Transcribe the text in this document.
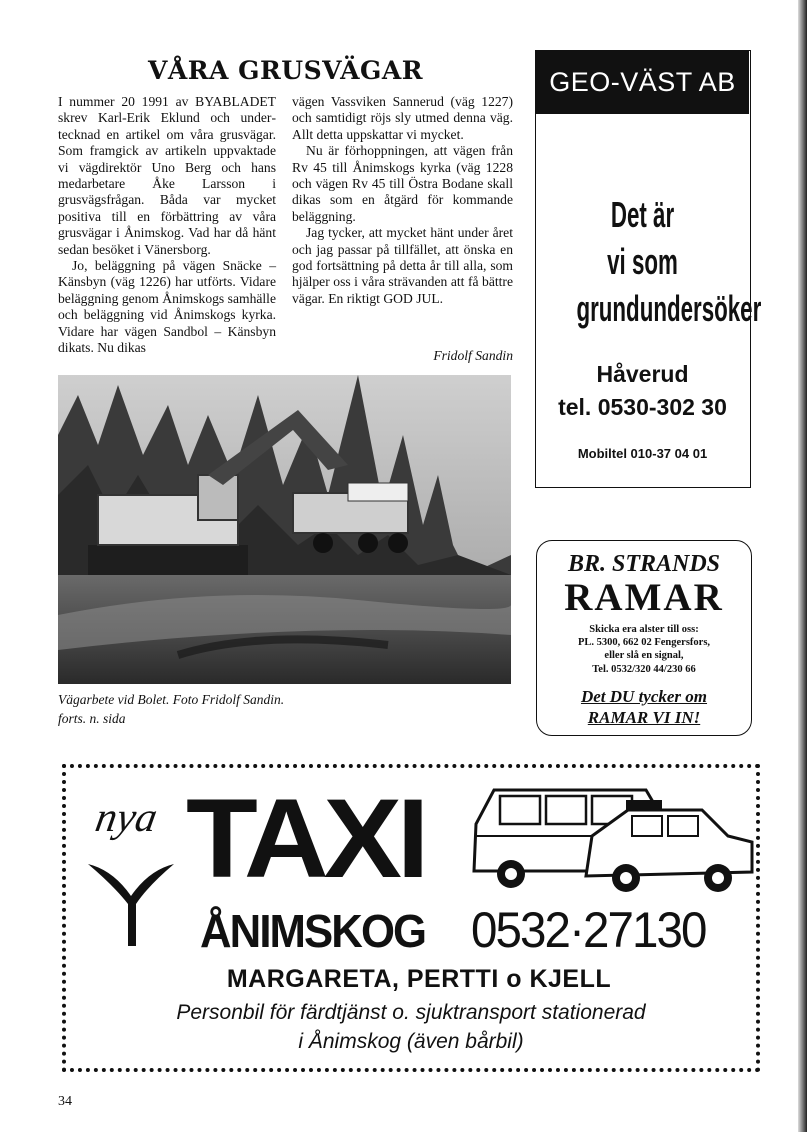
VÅRA GRUSVÄGAR

I nummer 20 1991 av BYABLADET skrev Karl-Erik Eklund och undertecknad en artikel om våra grusvägar. Som framgick av artikeln uppvaktade vi vägdirektör Uno Berg och hans medarbetare Åke Larsson i grusvägsfrågan. Båda var mycket positiva till en förbättring av våra grusvägar i Ånimskog. Vad har då hänt sedan besöket i Vänersborg.

Jo, beläggning på vägen Snäcke – Känsbyn (väg 1226) har utförts. Vidare beläggning genom Ånimskogs samhälle och beläggning vid Ånimskogs kyrka. Vidare har vägen Sandbol – Känsbyn dikats. Nu dikas

vägen Vassviken Sannerud (väg 1227) och samtidigt röjs sly utmed denna väg. Allt detta uppskattar vi mycket.

Nu är förhoppningen, att vägen från Rv 45 till Ånimskogs kyrka (väg 1228 och vägen Rv 45 till Östra Bodane skall dikas som en åtgärd för kommande beläggning.

Jag tycker, att mycket hänt under året och jag passar på tillfället, att önska en god fortsättning på detta år till alla, som hjälper oss i våra strävanden att få bättre vägar. En riktigt GOD JUL.

Fridolf Sandin
Vägarbete vid Bolet. Foto Fridolf Sandin.
forts. n. sida
GEO-VÄST AB
Det är
vi som
grundundersöker
Håverud
tel. 0530-302 30
Mobiltel 010-37 04 01
BR. STRANDS
RAMAR
Skicka era alster till oss:
PL. 5300, 662 02 Fengersfors,
eller slå en signal,
Tel. 0532/320 44/230 66
Det DU tycker om
RAMAR VI IN!
nya TAXI
ÅNIMSKOG 0532·27130
MARGARETA, PERTTI o KJELL
Personbil för färdtjänst o. sjuktransport stationerad
i Ånimskog (även bårbil)
34
